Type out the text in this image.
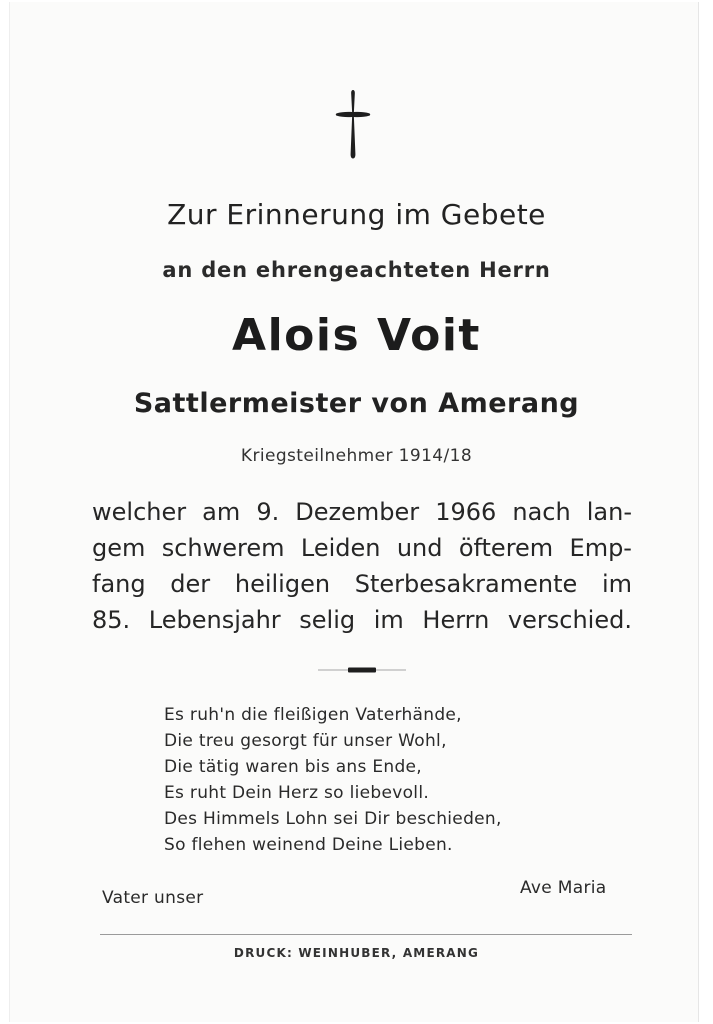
Zur Erinnerung im Gebete
an den ehrengeachteten Herrn
Alois Voit
Sattlermeister von Amerang
Kriegsteilnehmer 1914/18
welcher am 9. Dezember 1966 nach lan-
gem schwerem Leiden und öfterem Emp-
fang der heiligen Sterbesakramente im
85. Lebensjahr selig im Herrn verschied.
Es ruh'n die fleißigen Vaterhände,
Die treu gesorgt für unser Wohl,
Die tätig waren bis ans Ende,
Es ruht Dein Herz so liebevoll.
Des Himmels Lohn sei Dir beschieden,
So flehen weinend Deine Lieben.
Vater unser	Ave Maria
DRUCK: WEINHUBER, AMERANG
